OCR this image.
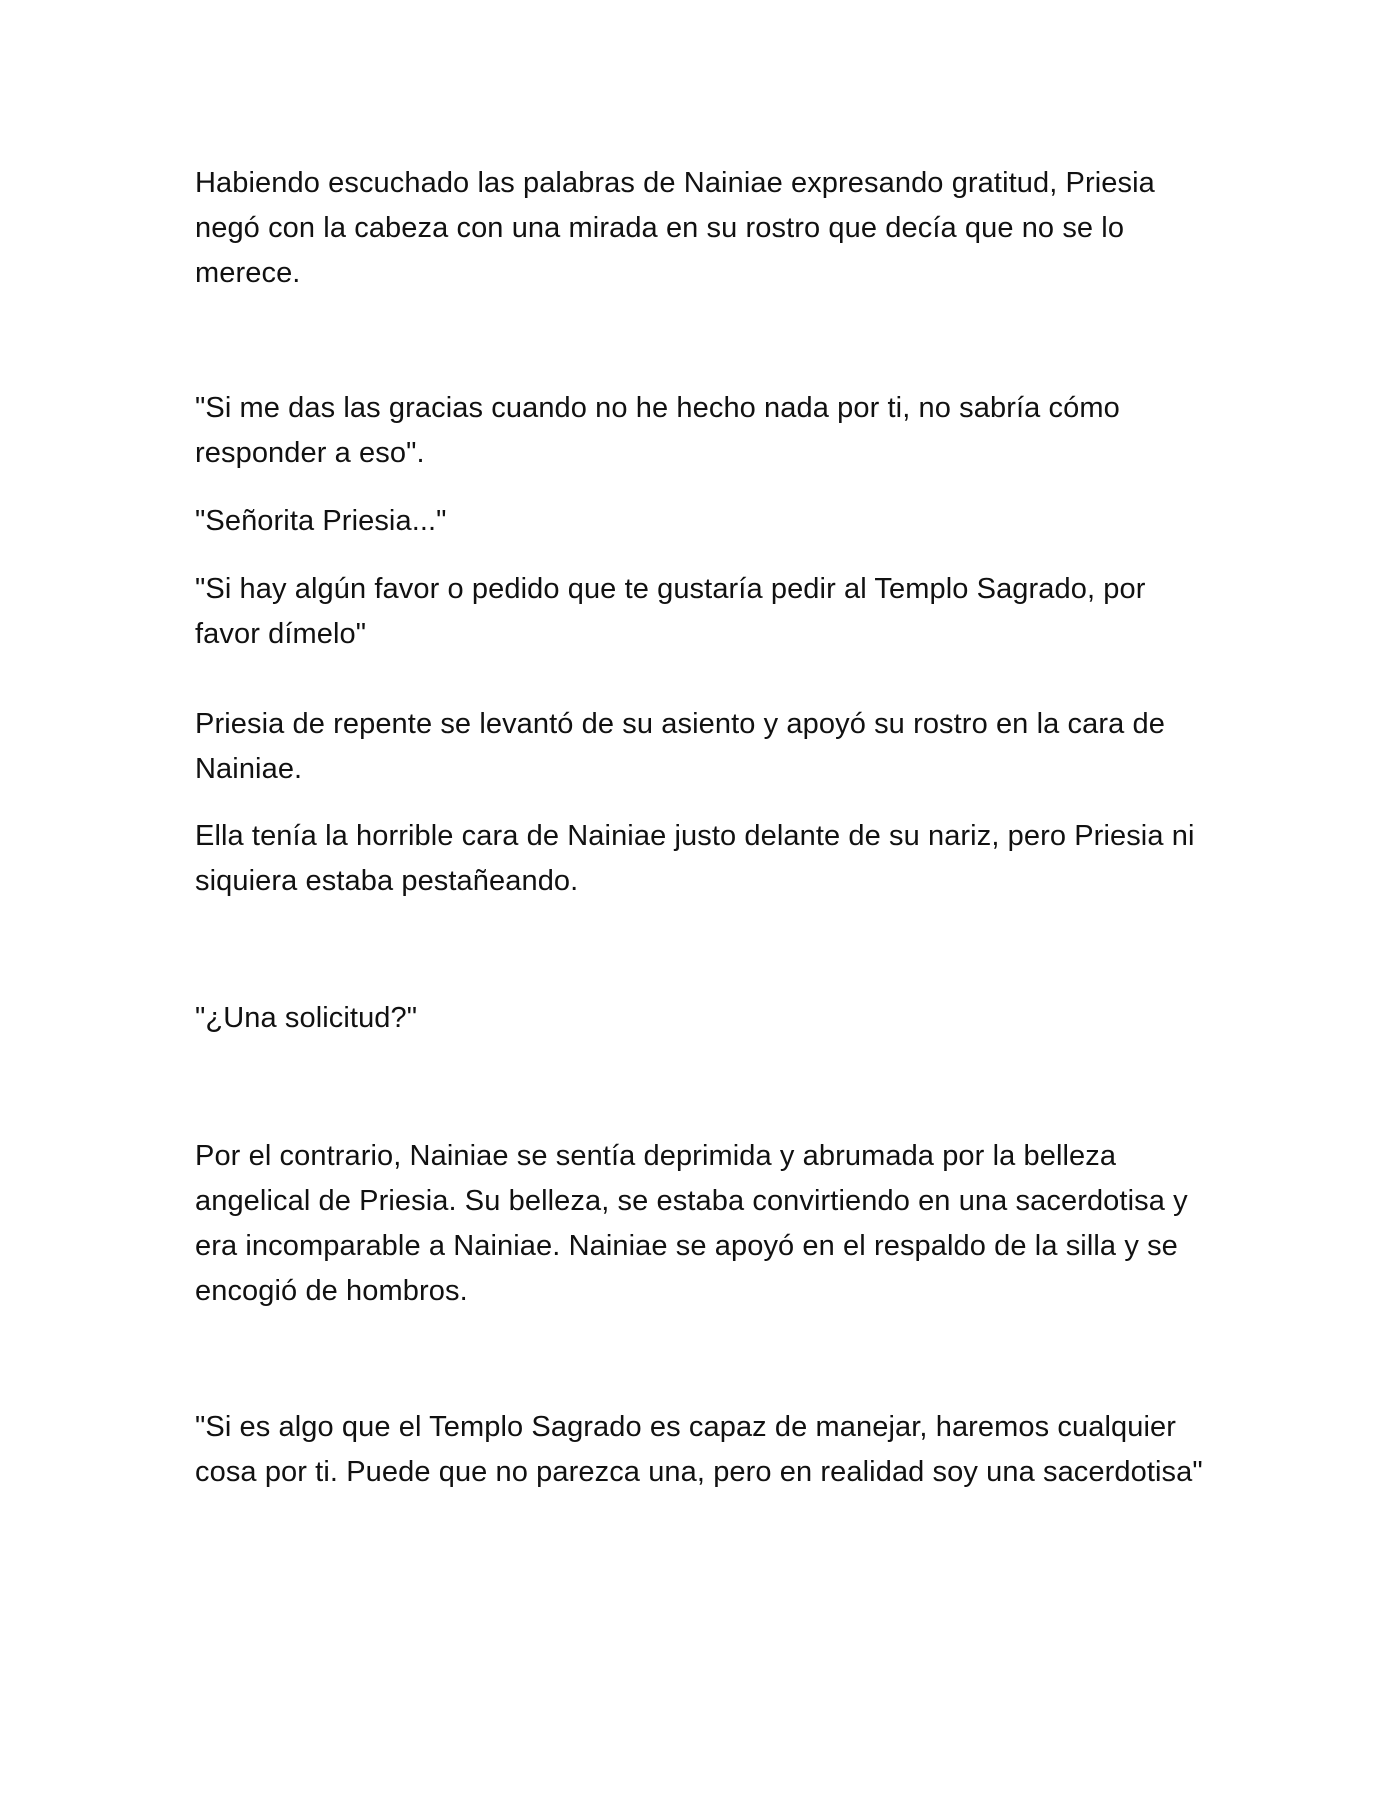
Habiendo escuchado las palabras de Nainiae expresando gratitud, Priesia
negó con la cabeza con una mirada en su rostro que decía que no se lo
merece.

"Si me das las gracias cuando no he hecho nada por ti, no sabría cómo
responder a eso".

"Señorita Priesia..."

"Si hay algún favor o pedido que te gustaría pedir al Templo Sagrado, por
favor dímelo"

Priesia de repente se levantó de su asiento y apoyó su rostro en la cara de
Nainiae.

Ella tenía la horrible cara de Nainiae justo delante de su nariz, pero Priesia ni
siquiera estaba pestañeando.

"¿Una solicitud?"

Por el contrario, Nainiae se sentía deprimida y abrumada por la belleza
angelical de Priesia. Su belleza, se estaba convirtiendo en una sacerdotisa y
era incomparable a Nainiae. Nainiae se apoyó en el respaldo de la silla y se
encogió de hombros.

"Si es algo que el Templo Sagrado es capaz de manejar, haremos cualquier
cosa por ti. Puede que no parezca una, pero en realidad soy una sacerdotisa"
